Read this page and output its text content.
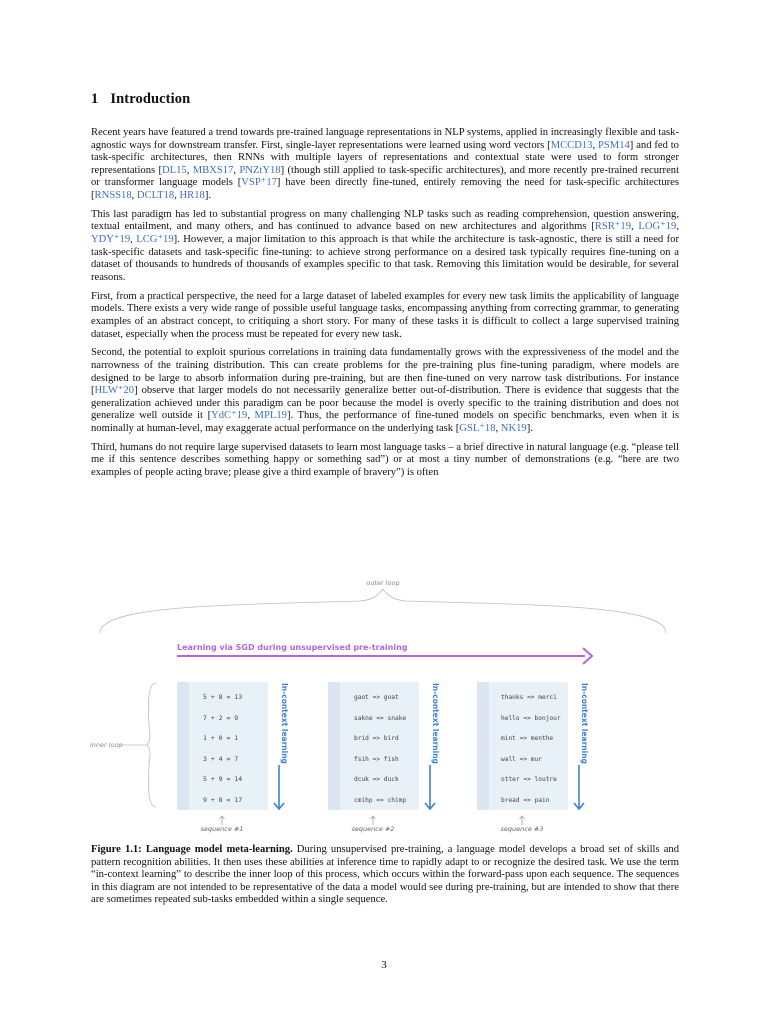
1 Introduction

Recent years have featured a trend towards pre-trained language representations in NLP systems, applied in increasingly flexible and task-agnostic ways for downstream transfer. First, single-layer representations were learned using word vectors [MCCD13, PSM14] and fed to task-specific architectures, then RNNs with multiple layers of representations and contextual state were used to form stronger representations [DL15, MBXS17, PNZtY18] (though still applied to task-specific architectures), and more recently pre-trained recurrent or transformer language models [VSP⁺17] have been directly fine-tuned, entirely removing the need for task-specific architectures [RNSS18, DCLT18, HR18].

This last paradigm has led to substantial progress on many challenging NLP tasks such as reading comprehension, question answering, textual entailment, and many others, and has continued to advance based on new architectures and algorithms [RSR⁺19, LOG⁺19, YDY⁺19, LCG⁺19]. However, a major limitation to this approach is that while the architecture is task-agnostic, there is still a need for task-specific datasets and task-specific fine-tuning: to achieve strong performance on a desired task typically requires fine-tuning on a dataset of thousands to hundreds of thousands of examples specific to that task. Removing this limitation would be desirable, for several reasons.

First, from a practical perspective, the need for a large dataset of labeled examples for every new task limits the applicability of language models. There exists a very wide range of possible useful language tasks, encompassing anything from correcting grammar, to generating examples of an abstract concept, to critiquing a short story. For many of these tasks it is difficult to collect a large supervised training dataset, especially when the process must be repeated for every new task.

Second, the potential to exploit spurious correlations in training data fundamentally grows with the expressiveness of the model and the narrowness of the training distribution. This can create problems for the pre-training plus fine-tuning paradigm, where models are designed to be large to absorb information during pre-training, but are then fine-tuned on very narrow task distributions. For instance [HLW⁺20] observe that larger models do not necessarily generalize better out-of-distribution. There is evidence that suggests that the generalization achieved under this paradigm can be poor because the model is overly specific to the training distribution and does not generalize well outside it [YdC⁺19, MPL19]. Thus, the performance of fine-tuned models on specific benchmarks, even when it is nominally at human-level, may exaggerate actual performance on the underlying task [GSL⁺18, NK19].

Third, humans do not require large supervised datasets to learn most language tasks – a brief directive in natural language (e.g. “please tell me if this sentence describes something happy or something sad”) or at most a tiny number of demonstrations (e.g. “here are two examples of people acting brave; please give a third example of bravery”) is often

outer loop
Learning via SGD during unsupervised pre-training
inner loop
5 + 8 = 13
7 + 2 = 9
1 + 0 = 1
3 + 4 = 7
5 + 9 = 14
9 + 8 = 17
In-context learning
sequence #1
gaot => goat
sakne => snake
brid => bird
fsih => fish
dcuk => duck
cmihp => chimp
In-context learning
sequence #2
thanks => merci
hello => bonjour
mint => menthe
wall => mur
otter => loutre
bread => pain
In-context learning
sequence #3
Figure 1.1: Language model meta-learning. During unsupervised pre-training, a language model develops a broad set of skills and pattern recognition abilities. It then uses these abilities at inference time to rapidly adapt to or recognize the desired task. We use the term “in-context learning” to describe the inner loop of this process, which occurs within the forward-pass upon each sequence. The sequences in this diagram are not intended to be representative of the data a model would see during pre-training, but are intended to show that there are sometimes repeated sub-tasks embedded within a single sequence.
3
